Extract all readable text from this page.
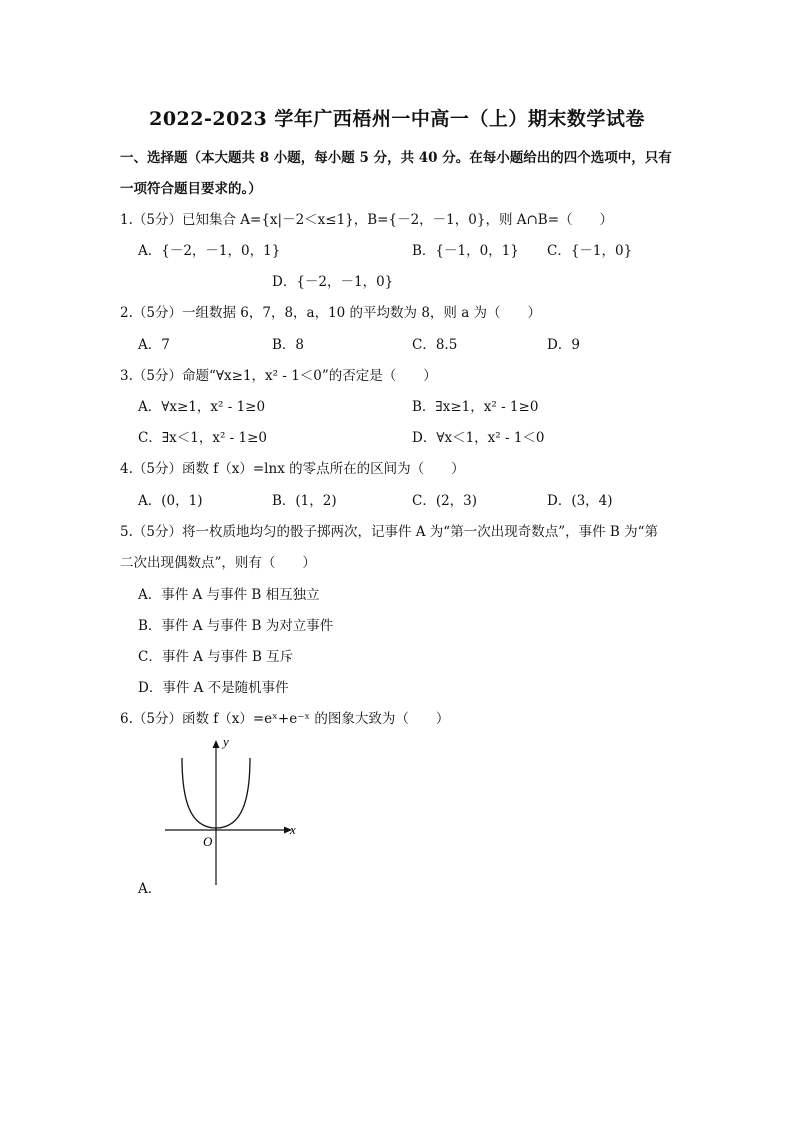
2022-2023 学年广西梧州一中高一（上）期末数学试卷
一、选择题（本大题共 8 小题，每小题 5 分，共 40 分。在每小题给出的四个选项中，只有
一项符合题目要求的。）
1.（5分）已知集合 A={x|－2＜x≤1}，B={－2，－1，0}，则 A∩B=（　　）
A．{－2，－1，0，1}	B．{－1，0，1} C．{－1，0}
D．{－2，－1，0}
2.（5分）一组数据 6，7，8，a，10 的平均数为 8，则 a 为（　　）
A．7	B．8	C．8.5	D．9
3.（5分）命题“∀x≥1，x² - 1＜0”的否定是（　　）
A．∀x≥1，x² - 1≥0	B．∃x≥1，x² - 1≥0
C．∃x＜1，x² - 1≥0	D．∀x＜1，x² - 1＜0
4.（5分）函数 f（x）=lnx 的零点所在的区间为（　　）
A．(0，1)	B．(1，2)	C．(2，3)	D．(3，4)
5.（5分）将一枚质地均匀的骰子掷两次，记事件 A 为“第一次出现奇数点”，事件 B 为“第
二次出现偶数点”，则有（　　）
A．事件 A 与事件 B 相互独立
B．事件 A 与事件 B 为对立事件
C．事件 A 与事件 B 互斥
D．事件 A 不是随机事件
6.（5分）函数 f（x）=eˣ+e⁻ˣ 的图象大致为（　　）
y
x
O
A．
